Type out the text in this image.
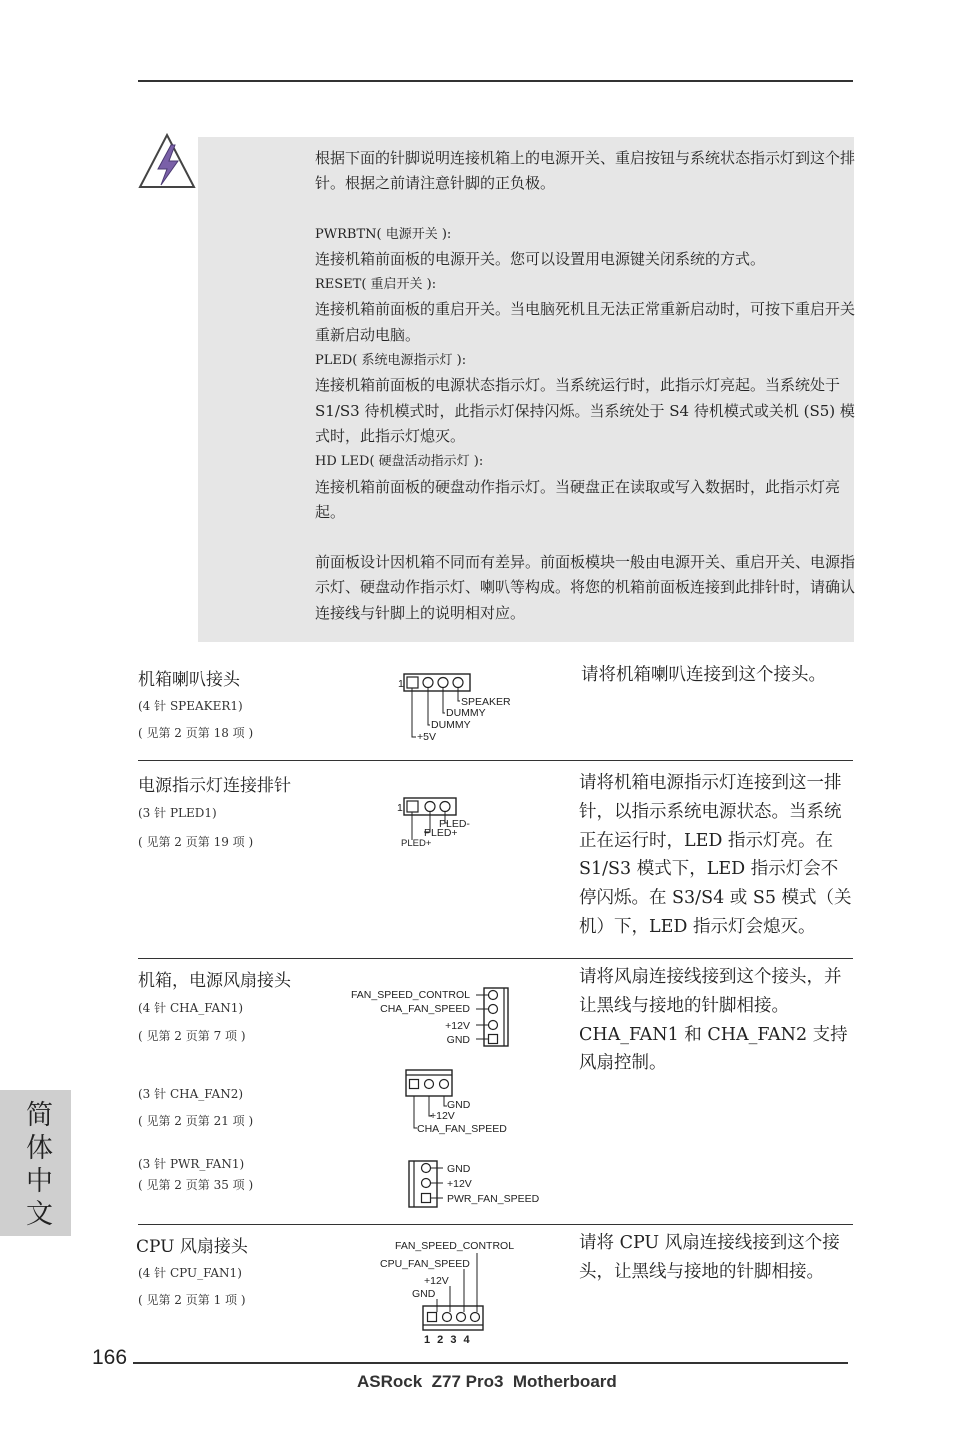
根据下面的针脚说明连接机箱上的电源开关、重启按钮与系统状态指示灯到这个排针。根据之前请注意针脚的正负极。

PWRBTN( 电源开关 ):

连接机箱前面板的电源开关。您可以设置用电源键关闭系统的方式。

RESET( 重启开关 ):

连接机箱前面板的重启开关。当电脑死机且无法正常重新启动时，可按下重启开关重新启动电脑。

PLED( 系统电源指示灯 ):

连接机箱前面板的电源状态指示灯。当系统运行时，此指示灯亮起。当系统处于 S1/S3 待机模式时，此指示灯保持闪烁。当系统处于 S4 待机模式或关机 (S5) 模式时，此指示灯熄灭。

HD LED( 硬盘活动指示灯 ):

连接机箱前面板的硬盘动作指示灯。当硬盘正在读取或写入数据时，此指示灯亮起。

前面板设计因机箱不同而有差异。前面板模块一般由电源开关、重启开关、电源指示灯、硬盘动作指示灯、喇叭等构成。将您的机箱前面板连接到此排针时，请确认连接线与针脚上的说明相对应。

机箱喇叭接头
(4 针 SPEAKER1)
( 见第 2 页第 18 项 )
请将机箱喇叭连接到这个接头。
1
SPEAKER
DUMMY
DUMMY
+5V
电源指示灯连接排针
(3 针 PLED1)
( 见第 2 页第 19 项 )
请将机箱电源指示灯连接到这一排针，以指示系统电源状态。当系统正在运行时，LED 指示灯亮。在 S1/S3 模式下，LED 指示灯会不停闪烁。在 S3/S4 或 S5 模式（关机）下，LED 指示灯会熄灭。
1
PLED-
PLED+
PLED+
机箱，电源风扇接头
(4 针 CHA_FAN1)
( 见第 2 页第 7 项 )
(3 针 CHA_FAN2)
( 见第 2 页第 21 项 )
(3 针 PWR_FAN1)
( 见第 2 页第 35 项 )
请将风扇连接线接到这个接头，并让黑线与接地的针脚相接。CHA_FAN1 和 CHA_FAN2 支持风扇控制。
FAN_SPEED_CONTROL
CHA_FAN_SPEED
+12V
GND
GND
+12V
CHA_FAN_SPEED
GND
+12V
PWR_FAN_SPEED
CPU 风扇接头
(4 针 CPU_FAN1)
( 见第 2 页第 1 项 )
请将 CPU 风扇连接线接到这个接头，让黑线与接地的针脚相接。
FAN_SPEED_CONTROL
CPU_FAN_SPEED
+12V
GND
1 2 3 4
简体中文
166
ASRock  Z77 Pro3  Motherboard
